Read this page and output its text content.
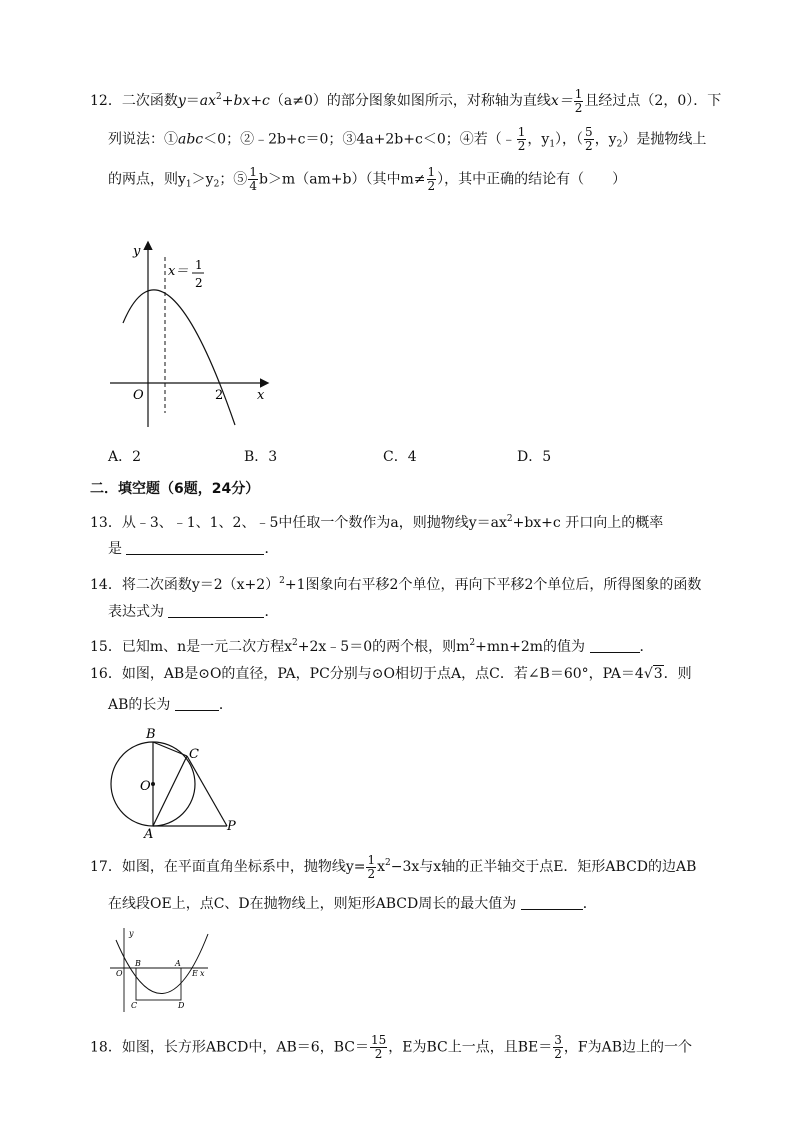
12．二次函数$y=ax^2+bx+c(a\ne 0)$的部分图象如图所示，对称轴为直线$x= \frac{1}{2}$ 且经过点（2，0）．下
列说法：①abc＜0；②﹣2b+c＝0；③4a+2b+c＜0；④若（﹣ $\frac{1}{2}$ ，$y_1$），（ $\frac{5}{2}$ ，$y_2$）是抛物线上
的两点，则$y_1>y_2$；⑤ $\frac{1}{4} b>m(am+b)$（其中$m\ne \frac{1}{2}$ ），其中正确的结论有（　　）
y
x
O	2
x＝ 1
2
A．2	B．3	C．4	D．5
二．填空题（6题，24分）
13．从﹣3、﹣1、1、2、﹣5中任取一个数作为a，则抛物线$y=ax^2+bx+c$ 开口向上的概率
是	．
14．将二次函数$y=2(x+2)^2+1$图象向右平移2个单位，再向下平移2个单位后，所得图象的函数
表达式为	．
15．已知m、n是一元二次方程$x^2+2x﹣5=0$的两个根，则$m^2+mn+2m$的值为	．
16．如图，AB是⊙O的直径，PA，PC分别与⊙O相切于点A，点C．若∠B＝60°，PA＝4√3．则
AB的长为	．
B
C
O
A
P
17．如图，在平面直角坐标系中，抛物线$y= \frac{1}{2} x^2-3x$与x轴的正半轴交于点E．矩形ABCD的边AB
在线段OE上，点C、D在抛物线上，则矩形ABCD周长的最大值为	．
y
O
B	A
E x
C	D
18．如图，长方形ABCD中，AB＝6，$BC= \frac{15}{2}$ ，E为BC上一点，且$BE= \frac{3}{2}$ ，F为AB边上的一个
